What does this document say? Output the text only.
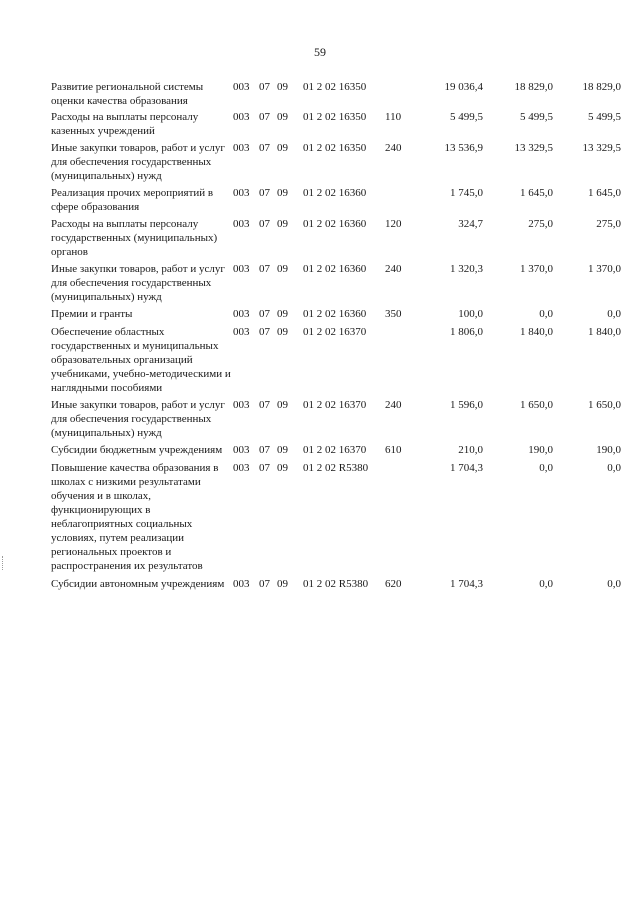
59
Развитие региональной системы оценки качества образования	003 07 09 01 2 02 16350	19 036,4	18 829,0	18 829,0
Расходы на выплаты персоналу казенных учреждений	003 07 09 01 2 02 16350 110	5 499,5	5 499,5	5 499,5
Иные закупки товаров, работ и услуг для обеспечения государственных (муниципальных) нужд	003 07 09 01 2 02 16350 240	13 536,9	13 329,5	13 329,5
Реализация прочих мероприятий в сфере образования	003 07 09 01 2 02 16360	1 745,0	1 645,0	1 645,0
Расходы на выплаты персоналу государственных (муниципальных) органов	003 07 09 01 2 02 16360 120	324,7	275,0	275,0
Иные закупки товаров, работ и услуг для обеспечения государственных (муниципальных) нужд	003 07 09 01 2 02 16360 240	1 320,3	1 370,0	1 370,0
Премии и гранты	003 07 09 01 2 02 16360 350	100,0	0,0	0,0
Обеспечение областных государственных и муниципальных образовательных организаций учебниками, учебно-методическими и наглядными пособиями	003 07 09 01 2 02 16370	1 806,0	1 840,0	1 840,0
Иные закупки товаров, работ и услуг для обеспечения государственных (муниципальных) нужд	003 07 09 01 2 02 16370 240	1 596,0	1 650,0	1 650,0
Субсидии бюджетным учреждениям	003 07 09 01 2 02 16370 610	210,0	190,0	190,0
Повышение качества образования в школах с низкими результатами обучения и в школах, функционирующих в неблагоприятных социальных условиях, путем реализации региональных проектов и распространения их результатов	003 07 09 01 2 02 R5380	1 704,3	0,0	0,0
Субсидии автономным учреждениям	003 07 09 01 2 02 R5380 620	1 704,3	0,0	0,0
